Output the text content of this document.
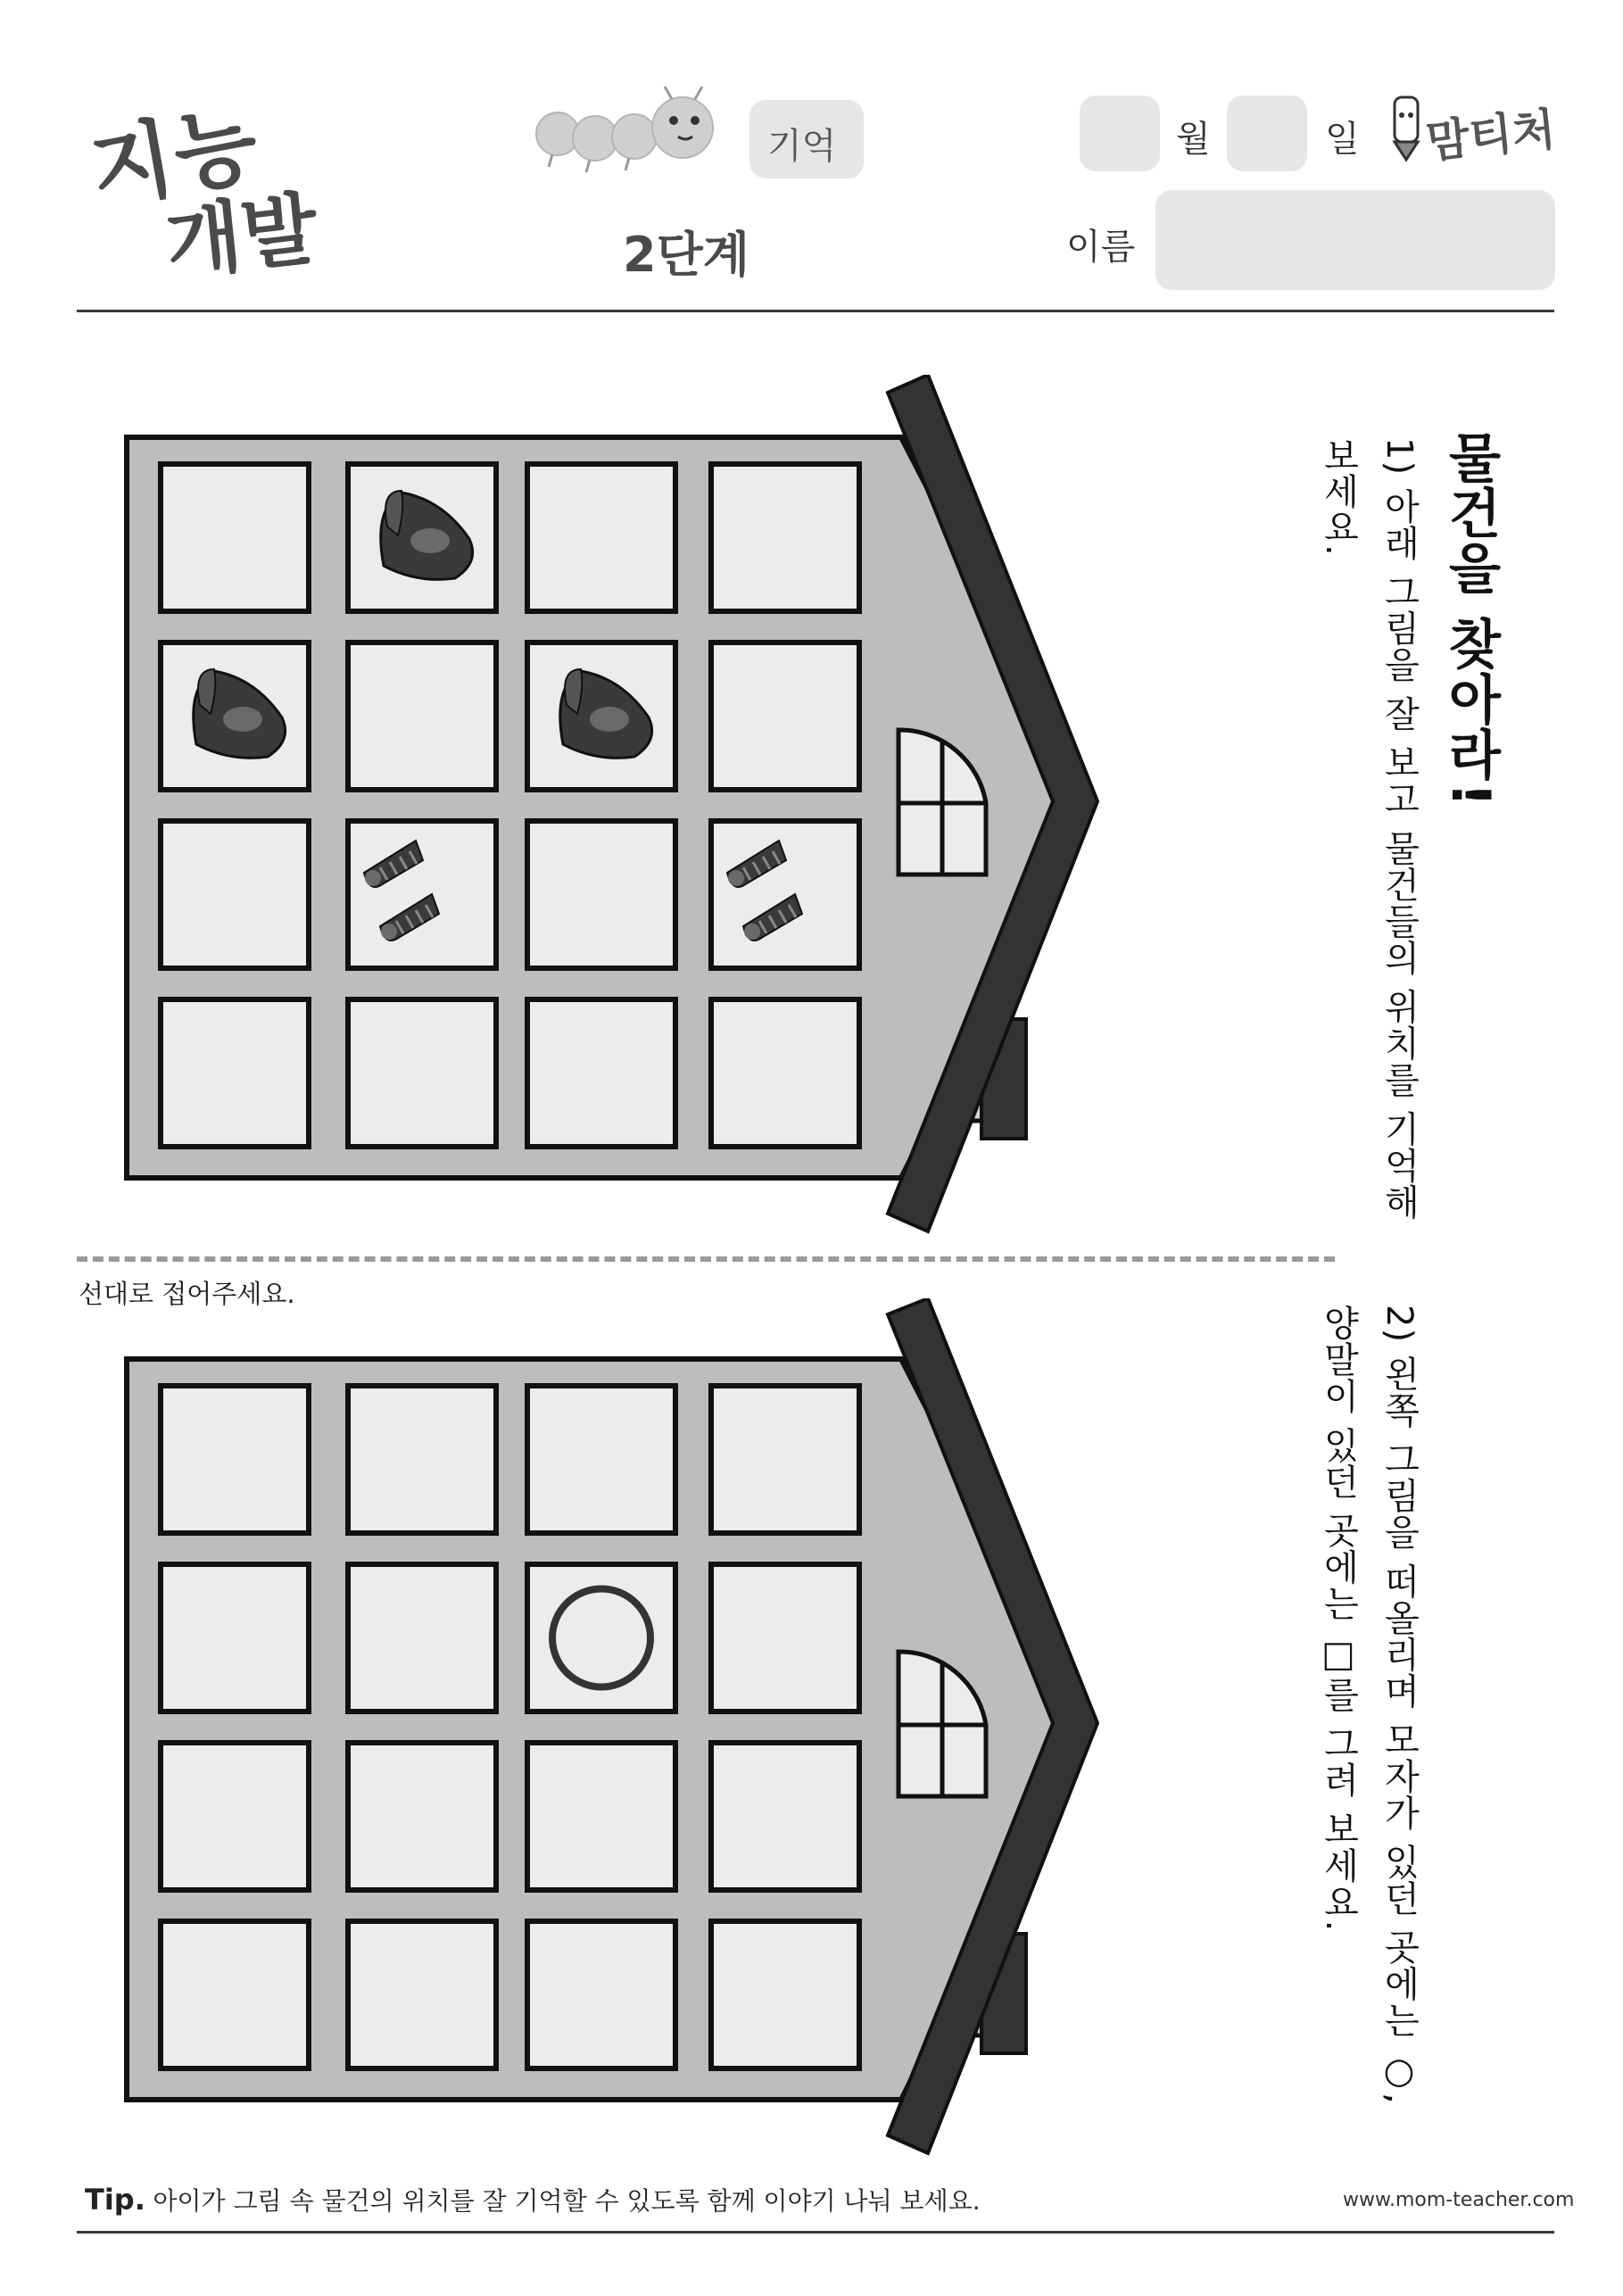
지능
개발
기억
2단계
월	일 맘티처
이름
물건을 찾아라!
1) 아래 그림을 잘 보고 물건들의 위치를 기억해
보세요.
선대로 접어주세요.
2) 왼쪽 그림을 떠올리며 모자가 있던 곳에는 ○,
양말이 있던 곳에는 □를 그려 보세요.
Tip. 아이가 그림 속 물건의 위치를 잘 기억할 수 있도록 함께 이야기 나눠 보세요.	www.mom-teacher.com
